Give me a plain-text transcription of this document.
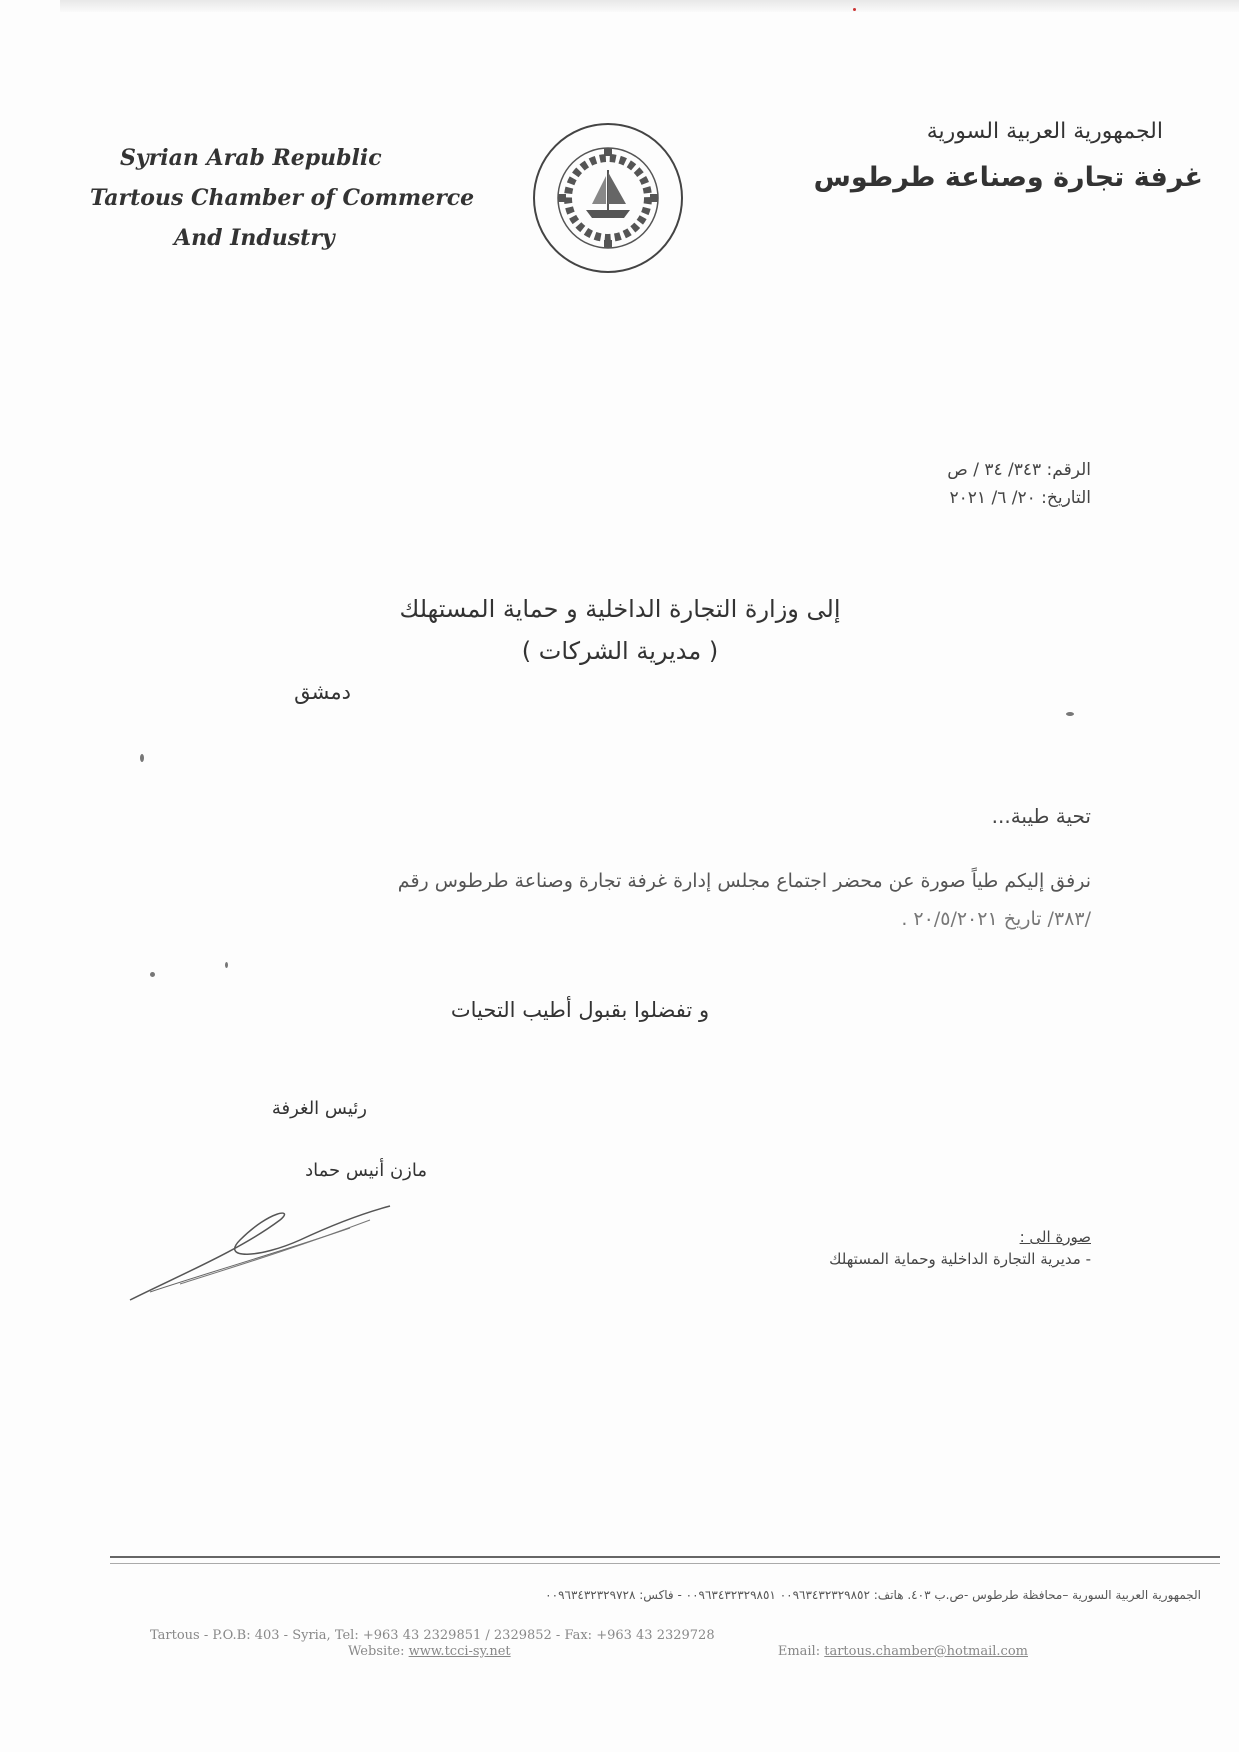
Syrian Arab Republic
Tartous Chamber of Commerce
And Industry
الجمهورية العربية السورية
غرفة تجارة وصناعة طرطوس
الرقم: ٣٤٣/ ٣٤ / ص
التاريخ: ٢٠/ ٦/ ٢٠٢١
إلى وزارة التجارة الداخلية و حماية المستهلك
( مديرية الشركات )
دمشق
تحية طيبة...
نرفق إليكم طياً صورة عن محضر اجتماع مجلس إدارة غرفة تجارة وصناعة طرطوس رقم
/٣٨٣/ تاريخ ٢٠/٥/٢٠٢١ .
و تفضلوا بقبول أطيب التحيات
رئيس الغرفة
مازن أنيس حماد
صورة الى :
- مديرية التجارة الداخلية وحماية المستهلك
الجمهورية العربية السورية –محافظة طرطوس -ص.ب ٤٠٣. هاتف: ٠٠٩٦٣٤٣٢٣٢٩٨٥٢ ٠٠٩٦٣٤٣٢٣٢٩٨٥١ - فاكس: ٠٠٩٦٣٤٣٢٣٢٩٧٢٨
Tartous - P.O.B: 403 - Syria, Tel: +963 43 2329851 / 2329852 - Fax: +963 43 2329728
Website: www.tcci-sy.net	Email: tartous.chamber@hotmail.com
